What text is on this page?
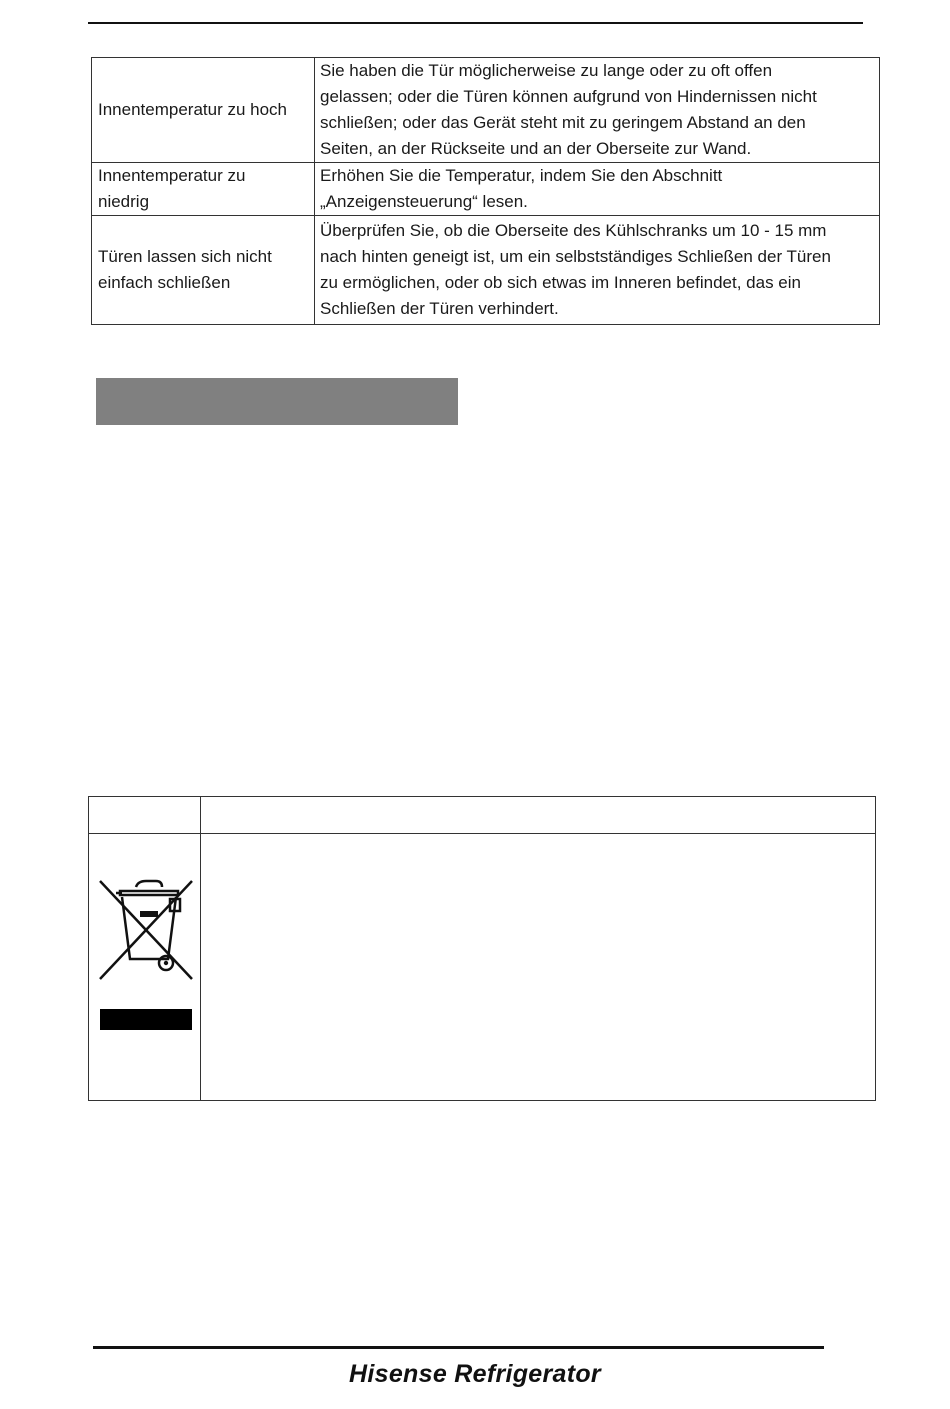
Innentemperatur zu hoch	Sie haben die Tür möglicherweise zu lange oder zu oft offen
gelassen; oder die Türen können aufgrund von Hindernissen nicht
schließen; oder das Gerät steht mit zu geringem Abstand an den
Seiten, an der Rückseite und an der Oberseite zur Wand.
Innentemperatur zu
niedrig	Erhöhen Sie die Temperatur, indem Sie den Abschnitt
„Anzeigensteuerung“ lesen.
Türen lassen sich nicht
einfach schließen	Überprüfen Sie, ob die Oberseite des Kühlschranks um 10 - 15 mm
nach hinten geneigt ist, um ein selbstständiges Schließen der Türen
zu ermöglichen, oder ob sich etwas im Inneren befindet, das ein
Schließen der Türen verhindert.
Hisense Refrigerator
